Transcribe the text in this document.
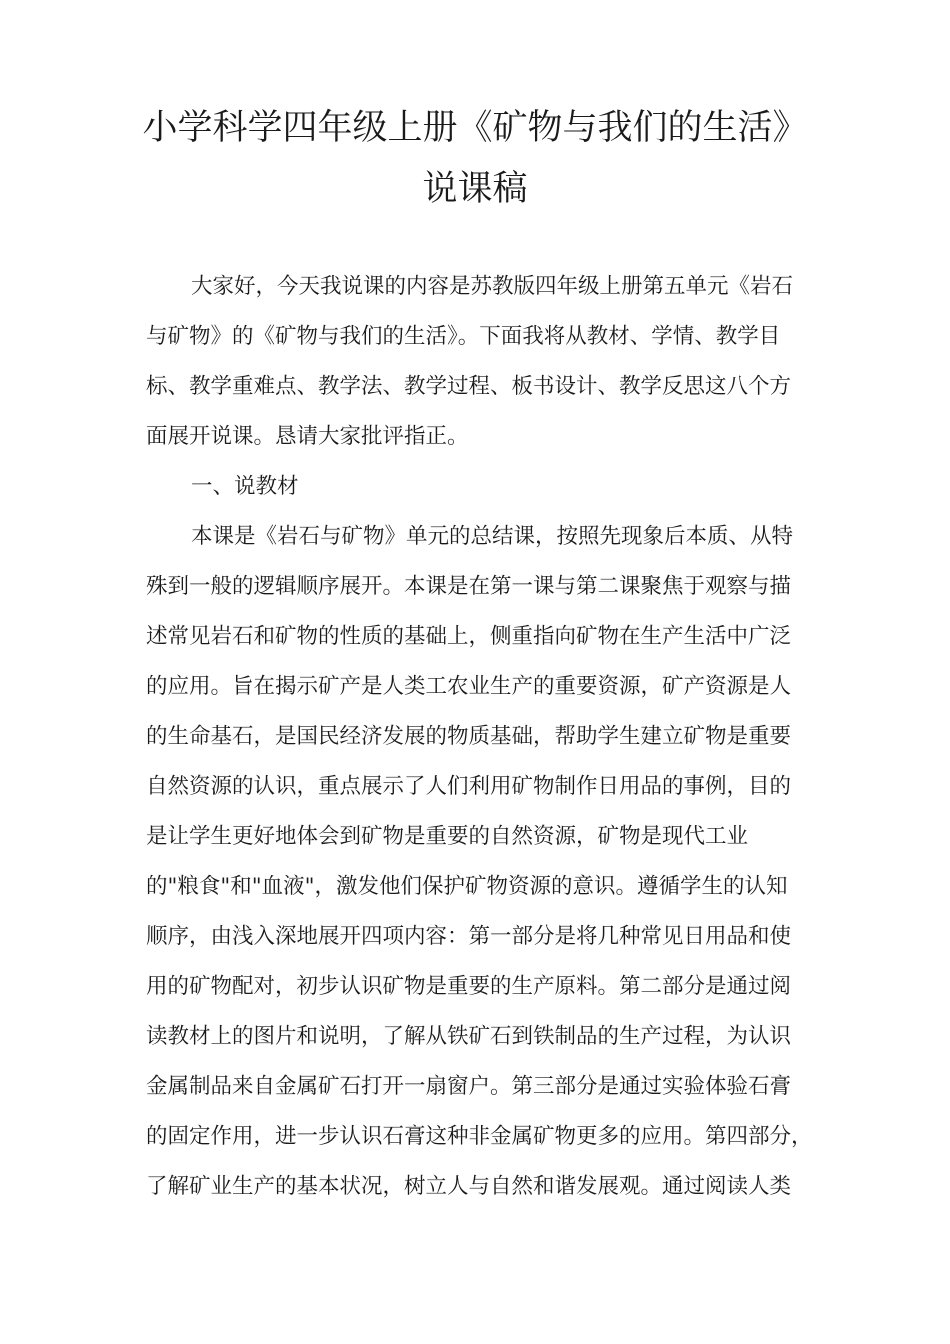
小学科学四年级上册《矿物与我们的生活》
说课稿
大家好，今天我说课的内容是苏教版四年级上册第五单元《岩石
与矿物》的《矿物与我们的生活》。下面我将从教材、学情、教学目
标、教学重难点、教学法、教学过程、板书设计、教学反思这八个方
面展开说课。恳请大家批评指正。
一、说教材
本课是《岩石与矿物》单元的总结课，按照先现象后本质、从特
殊到一般的逻辑顺序展开。本课是在第一课与第二课聚焦于观察与描
述常见岩石和矿物的性质的基础上，侧重指向矿物在生产生活中广泛
的应用。旨在揭示矿产是人类工农业生产的重要资源，矿产资源是人
的生命基石，是国民经济发展的物质基础，帮助学生建立矿物是重要
自然资源的认识，重点展示了人们利用矿物制作日用品的事例，目的
是让学生更好地体会到矿物是重要的自然资源，矿物是现代工业
的"粮食"和"血液"，激发他们保护矿物资源的意识。遵循学生的认知
顺序，由浅入深地展开四项内容：第一部分是将几种常见日用品和使
用的矿物配对，初步认识矿物是重要的生产原料。第二部分是通过阅
读教材上的图片和说明，了解从铁矿石到铁制品的生产过程，为认识
金属制品来自金属矿石打开一扇窗户。第三部分是通过实验体验石膏
的固定作用，进一步认识石膏这种非金属矿物更多的应用。第四部分，
了解矿业生产的基本状况，树立人与自然和谐发展观。通过阅读人类
